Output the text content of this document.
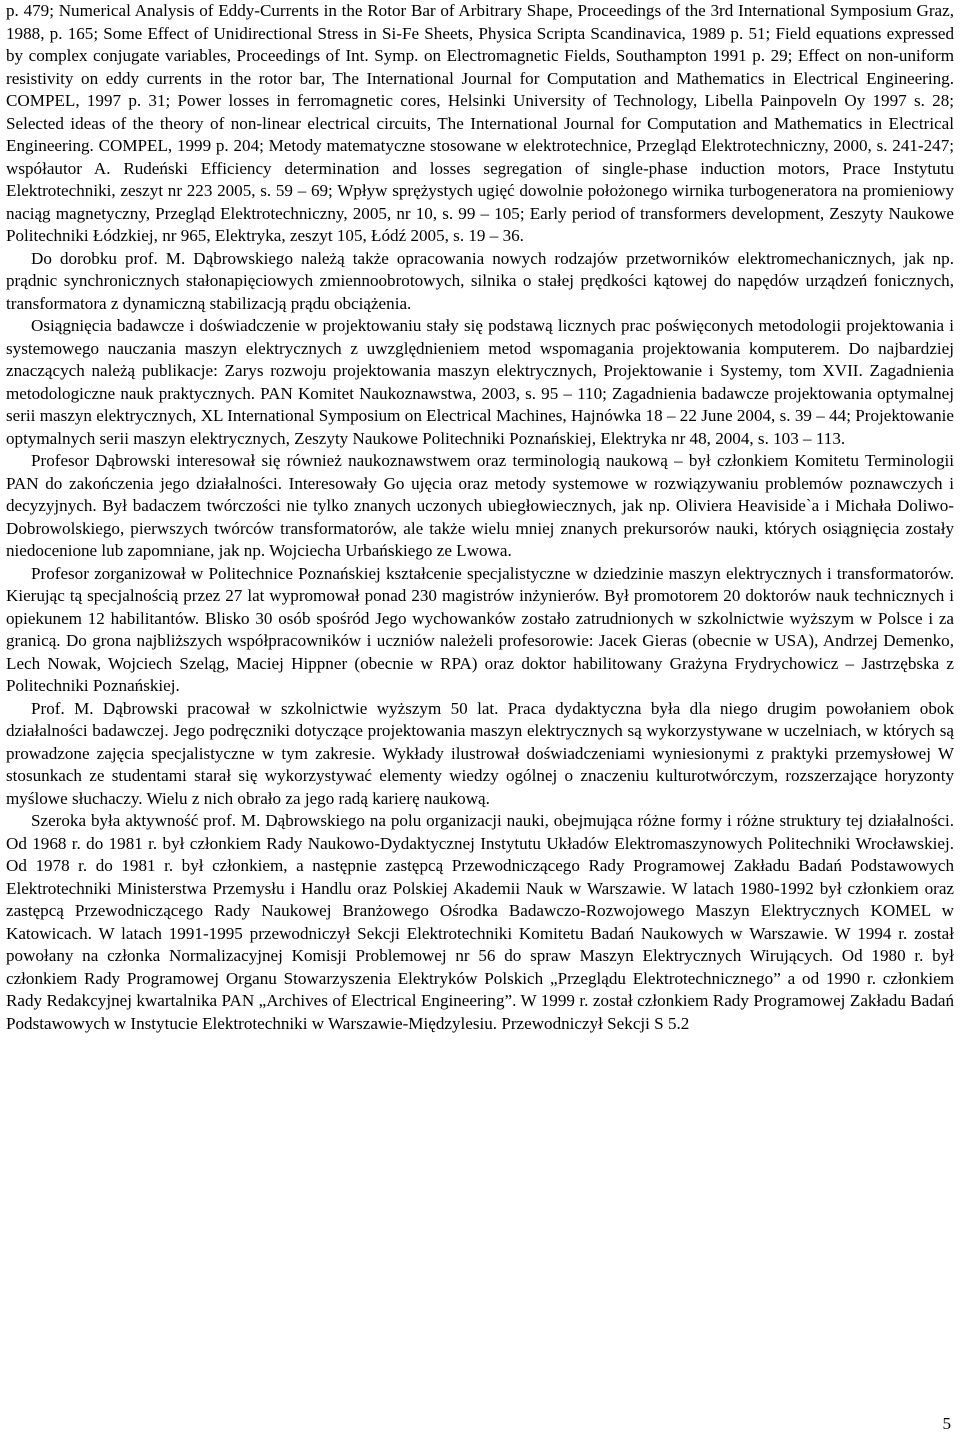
p. 479; Numerical Analysis of Eddy-Currents in the Rotor Bar of Arbitrary Shape, Proceedings of the 3rd International Symposium Graz, 1988, p. 165; Some Effect of Unidirectional Stress in Si-Fe Sheets, Physica Scripta Scandinavica, 1989 p. 51; Field equations expressed by complex conjugate variables, Proceedings of Int. Symp. on Electromagnetic Fields, Southampton 1991 p. 29; Effect on non-uniform resistivity on eddy currents in the rotor bar, The International Journal for Computation and Mathematics in Electrical Engineering. COMPEL, 1997 p. 31; Power losses in ferromagnetic cores, Helsinki University of Technology, Libella Painpoveln Oy 1997 s. 28; Selected ideas of the theory of non-linear electrical circuits, The International Journal for Computation and Mathematics in Electrical Engineering. COMPEL, 1999 p. 204; Metody matematyczne stosowane w elektrotechnice, Przegląd Elektrotechniczny, 2000, s. 241-247; współautor A. Rudeński Efficiency determination and losses segregation of single-phase induction motors, Prace Instytutu Elektrotechniki, zeszyt nr 223 2005, s. 59 – 69; Wpływ sprężystych ugięć dowolnie położonego wirnika turbogeneratora na promieniowy naciąg magnetyczny, Przegląd Elektrotechniczny, 2005, nr 10, s. 99 – 105; Early period of transformers development, Zeszyty Naukowe Politechniki Łódzkiej, nr 965, Elektryka, zeszyt 105, Łódź 2005, s. 19 – 36.

Do dorobku prof. M. Dąbrowskiego należą także opracowania nowych rodzajów przetworników elektromechanicznych, jak np. prądnic synchronicznych stałonapięciowych zmiennoobrotowych, silnika o stałej prędkości kątowej do napędów urządzeń fonicznych, transformatora z dynamiczną stabilizacją prądu obciążenia.

Osiągnięcia badawcze i doświadczenie w projektowaniu stały się podstawą licznych prac poświęconych metodologii projektowania i systemowego nauczania maszyn elektrycznych z uwzględnieniem metod wspomagania projektowania komputerem. Do najbardziej znaczących należą publikacje: Zarys rozwoju projektowania maszyn elektrycznych, Projektowanie i Systemy, tom XVII. Zagadnienia metodologiczne nauk praktycznych. PAN Komitet Naukoznawstwa, 2003, s. 95 – 110; Zagadnienia badawcze projektowania optymalnej serii maszyn elektrycznych, XL International Symposium on Electrical Machines, Hajnówka 18 – 22 June 2004, s. 39 – 44; Projektowanie optymalnych serii maszyn elektrycznych, Zeszyty Naukowe Politechniki Poznańskiej, Elektryka nr 48, 2004, s. 103 – 113.

Profesor Dąbrowski interesował się również naukoznawstwem oraz terminologią naukową – był członkiem Komitetu Terminologii PAN do zakończenia jego działalności. Interesowały Go ujęcia oraz metody systemowe w rozwiązywaniu problemów poznawczych i decyzyjnych. Był badaczem twórczości nie tylko znanych uczonych ubiegłowiecznych, jak np. Oliviera Heaviside`a i Michała Doliwo-Dobrowolskiego, pierwszych twórców transformatorów, ale także wielu mniej znanych prekursorów nauki, których osiągnięcia zostały niedocenione lub zapomniane, jak np. Wojciecha Urbańskiego ze Lwowa.

Profesor zorganizował w Politechnice Poznańskiej kształcenie specjalistyczne w dziedzinie maszyn elektrycznych i transformatorów. Kierując tą specjalnością przez 27 lat wypromował ponad 230 magistrów inżynierów. Był promotorem 20 doktorów nauk technicznych i opiekunem 12 habilitantów. Blisko 30 osób spośród Jego wychowanków zostało zatrudnionych w szkolnictwie wyższym w Polsce i za granicą. Do grona najbliższych współpracowników i uczniów należeli profesorowie: Jacek Gieras (obecnie w USA), Andrzej Demenko, Lech Nowak, Wojciech Szeląg, Maciej Hippner (obecnie w RPA) oraz doktor habilitowany Grażyna Frydrychowicz – Jastrzębska z Politechniki Poznańskiej.

Prof. M. Dąbrowski pracował w szkolnictwie wyższym 50 lat. Praca dydaktyczna była dla niego drugim powołaniem obok działalności badawczej. Jego podręczniki dotyczące projektowania maszyn elektrycznych są wykorzystywane w uczelniach, w których są prowadzone zajęcia specjalistyczne w tym zakresie. Wykłady ilustrował doświadczeniami wyniesionymi z praktyki przemysłowej W stosunkach ze studentami starał się wykorzystywać elementy wiedzy ogólnej o znaczeniu kulturotwórczym, rozszerzające horyzonty myślowe słuchaczy. Wielu z nich obrało za jego radą karierę naukową.

Szeroka była aktywność prof. M. Dąbrowskiego na polu organizacji nauki, obejmująca różne formy i różne struktury tej działalności. Od 1968 r. do 1981 r. był członkiem Rady Naukowo-Dydaktycznej Instytutu Układów Elektromaszynowych Politechniki Wrocławskiej. Od 1978 r. do 1981 r. był członkiem, a następnie zastępcą Przewodniczącego Rady Programowej Zakładu Badań Podstawowych Elektrotechniki Ministerstwa Przemysłu i Handlu oraz Polskiej Akademii Nauk w Warszawie. W latach 1980-1992 był członkiem oraz zastępcą Przewodniczącego Rady Naukowej Branżowego Ośrodka Badawczo-Rozwojowego Maszyn Elektrycznych KOMEL w Katowicach. W latach 1991-1995 przewodniczył Sekcji Elektrotechniki Komitetu Badań Naukowych w Warszawie. W 1994 r. został powołany na członka Normalizacyjnej Komisji Problemowej nr 56 do spraw Maszyn Elektrycznych Wirujących. Od 1980 r. był członkiem Rady Programowej Organu Stowarzyszenia Elektryków Polskich „Przeglądu Elektrotechnicznego” a od 1990 r. członkiem Rady Redakcyjnej kwartalnika PAN „Archives of Electrical Engineering”. W 1999 r. został członkiem Rady Programowej Zakładu Badań Podstawowych w Instytucie Elektrotechniki w Warszawie-Międzylesiu. Przewodniczył Sekcji S 5.2

5
